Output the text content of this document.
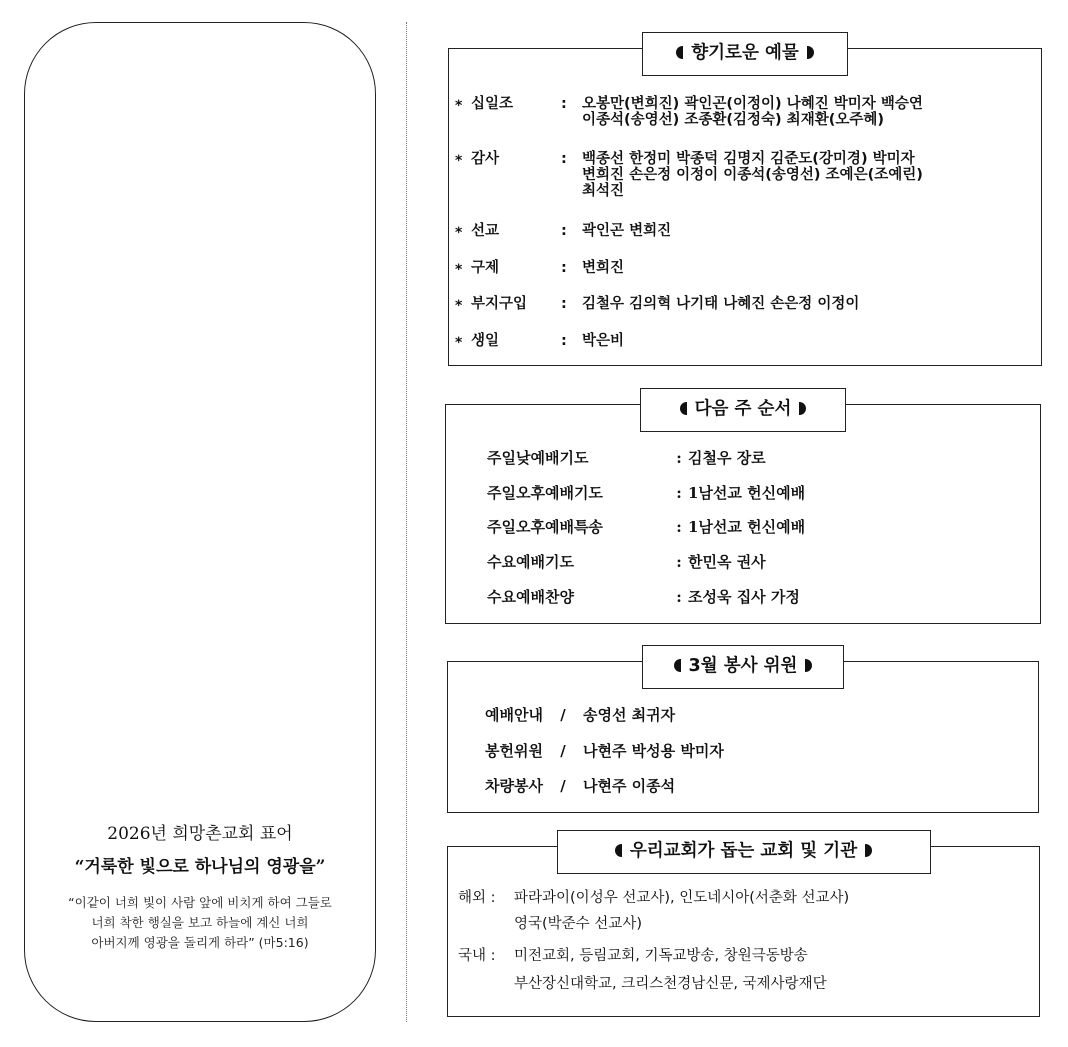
2026년 희망촌교회 표어
“거룩한 빛으로 하나님의 영광을”
“이같이 너희 빛이 사람 앞에 비치게 하여 그들로
너희 착한 행실을 보고 하늘에 계신 너희
아버지께 영광을 돌리게 하라” (마5:16)
향기로운 예물
* 십일조	: 오봉만(변희진) 곽인곤(이정이) 나혜진 박미자 백승연
이종석(송영선) 조종환(김정숙) 최재환(오주혜)
* 감사	: 백종선 한정미 박종덕 김명지 김준도(강미경) 박미자
변희진 손은정 이정이 이종석(송영선) 조예은(조예린)
최석진
* 선교	: 곽인곤 변희진
* 구제	: 변희진
* 부지구입	: 김철우 김의혁 나기태 나혜진 손은정 이정이
* 생일	: 박은비
다음 주 순서
주일낮예배기도	: 김철우 장로
주일오후예배기도	: 1남선교 헌신예배
주일오후예배특송	: 1남선교 헌신예배
수요예배기도	: 한민옥 권사
수요예배찬양	: 조성욱 집사 가정
3월 봉사 위원
예배안내 / 송영선 최귀자
봉헌위원 / 나현주 박성용 박미자
차량봉사 / 나현주 이종석
우리교회가 돕는 교회 및 기관
해외 : 파라과이(이성우 선교사), 인도네시아(서춘화 선교사)
영국(박준수 선교사)
국내 : 미전교회, 등림교회, 기독교방송, 창원극동방송
부산장신대학교, 크리스천경남신문, 국제사랑재단
